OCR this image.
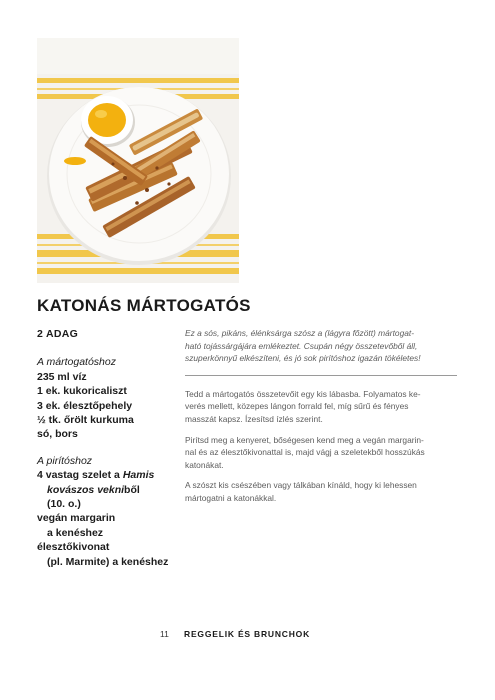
KATONÁS MÁRTOGATÓS
2 ADAG
A mártogatóshoz
235 ml víz
1 ek. kukoricaliszt
3 ek. élesztőpehely
½ tk. őrölt kurkuma
só, bors
A pirítóshoz
4 vastag szelet a Hamis
kovászos vekniből
(10. o.)
vegán margarin
a kenéshez
élesztőkivonat
(pl. Marmite) a kenéshez
Ez a sós, pikáns, élénksárga szósz a (lágyra főzött) mártogat-
ható tojássárgájára emlékeztet. Csupán négy összetevőből áll,
szuperkönnyű elkészíteni, és jó sok pirítóshoz igazán tökéletes!

Tedd a mártogatós összetevőit egy kis lábasba. Folyamatos ke-
verés mellett, közepes lángon forrald fel, míg sűrű és fényes
masszát kapsz. Ízesítsd ízlés szerint.

Pirítsd meg a kenyeret, bőségesen kend meg a vegán margarin-
nal és az élesztőkivonattal is, majd vágj a szeletekből hosszúkás
katonákat.

A szószt kis csészében vagy tálkában kínáld, hogy ki lehessen
mártogatni a katonákkal.

11 REGGELIK ÉS BRUNCHOK
